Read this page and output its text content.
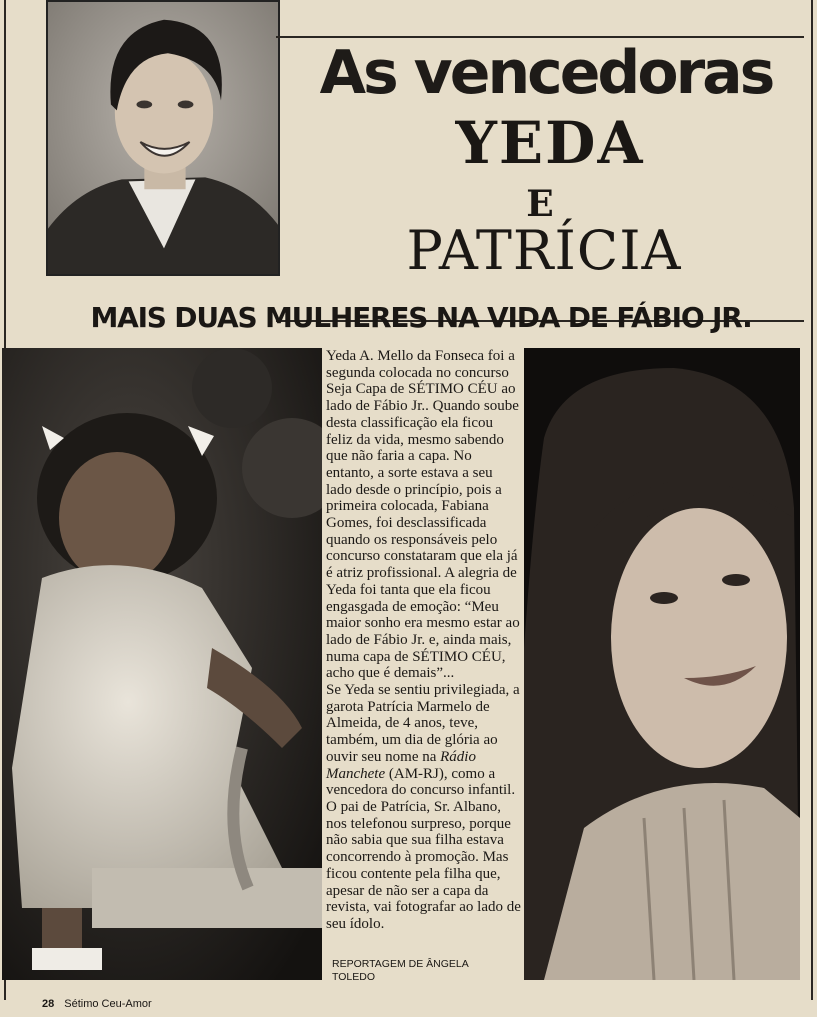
As vencedoras
YEDA
E
PATRÍCIA
MAIS DUAS MULHERES NA VIDA DE FÁBIO JR.

Yeda A. Mello da Fonseca foi a segunda colocada no concurso Seja Capa de SÉTIMO CÉU ao lado de Fábio Jr.. Quando soube desta classificação ela ficou feliz da vida, mesmo sabendo que não faria a capa. No entanto, a sorte estava a seu lado desde o princípio, pois a primeira colocada, Fabiana Gomes, foi desclassificada quando os responsáveis pelo concurso constataram que ela já é atriz profissional. A alegria de Yeda foi tanta que ela ficou engasgada de emoção: “Meu maior sonho era mesmo estar ao lado de Fábio Jr. e, ainda mais, numa capa de SÉTIMO CÉU, acho que é demais”...

Se Yeda se sentiu privilegiada, a garota Patrícia Marmelo de Almeida, de 4 anos, teve, também, um dia de glória ao ouvir seu nome na Rádio Manchete (AM-RJ), como a vencedora do concurso infantil. O pai de Patrícia, Sr. Albano, nos telefonou surpreso, porque não sabia que sua filha estava concorrendo à promoção. Mas ficou contente pela filha que, apesar de não ser a capa da revista, vai fotografar ao lado de seu ídolo.

REPORTAGEM DE ÂNGELA TOLEDO
28 Sétimo Ceu-Amor
